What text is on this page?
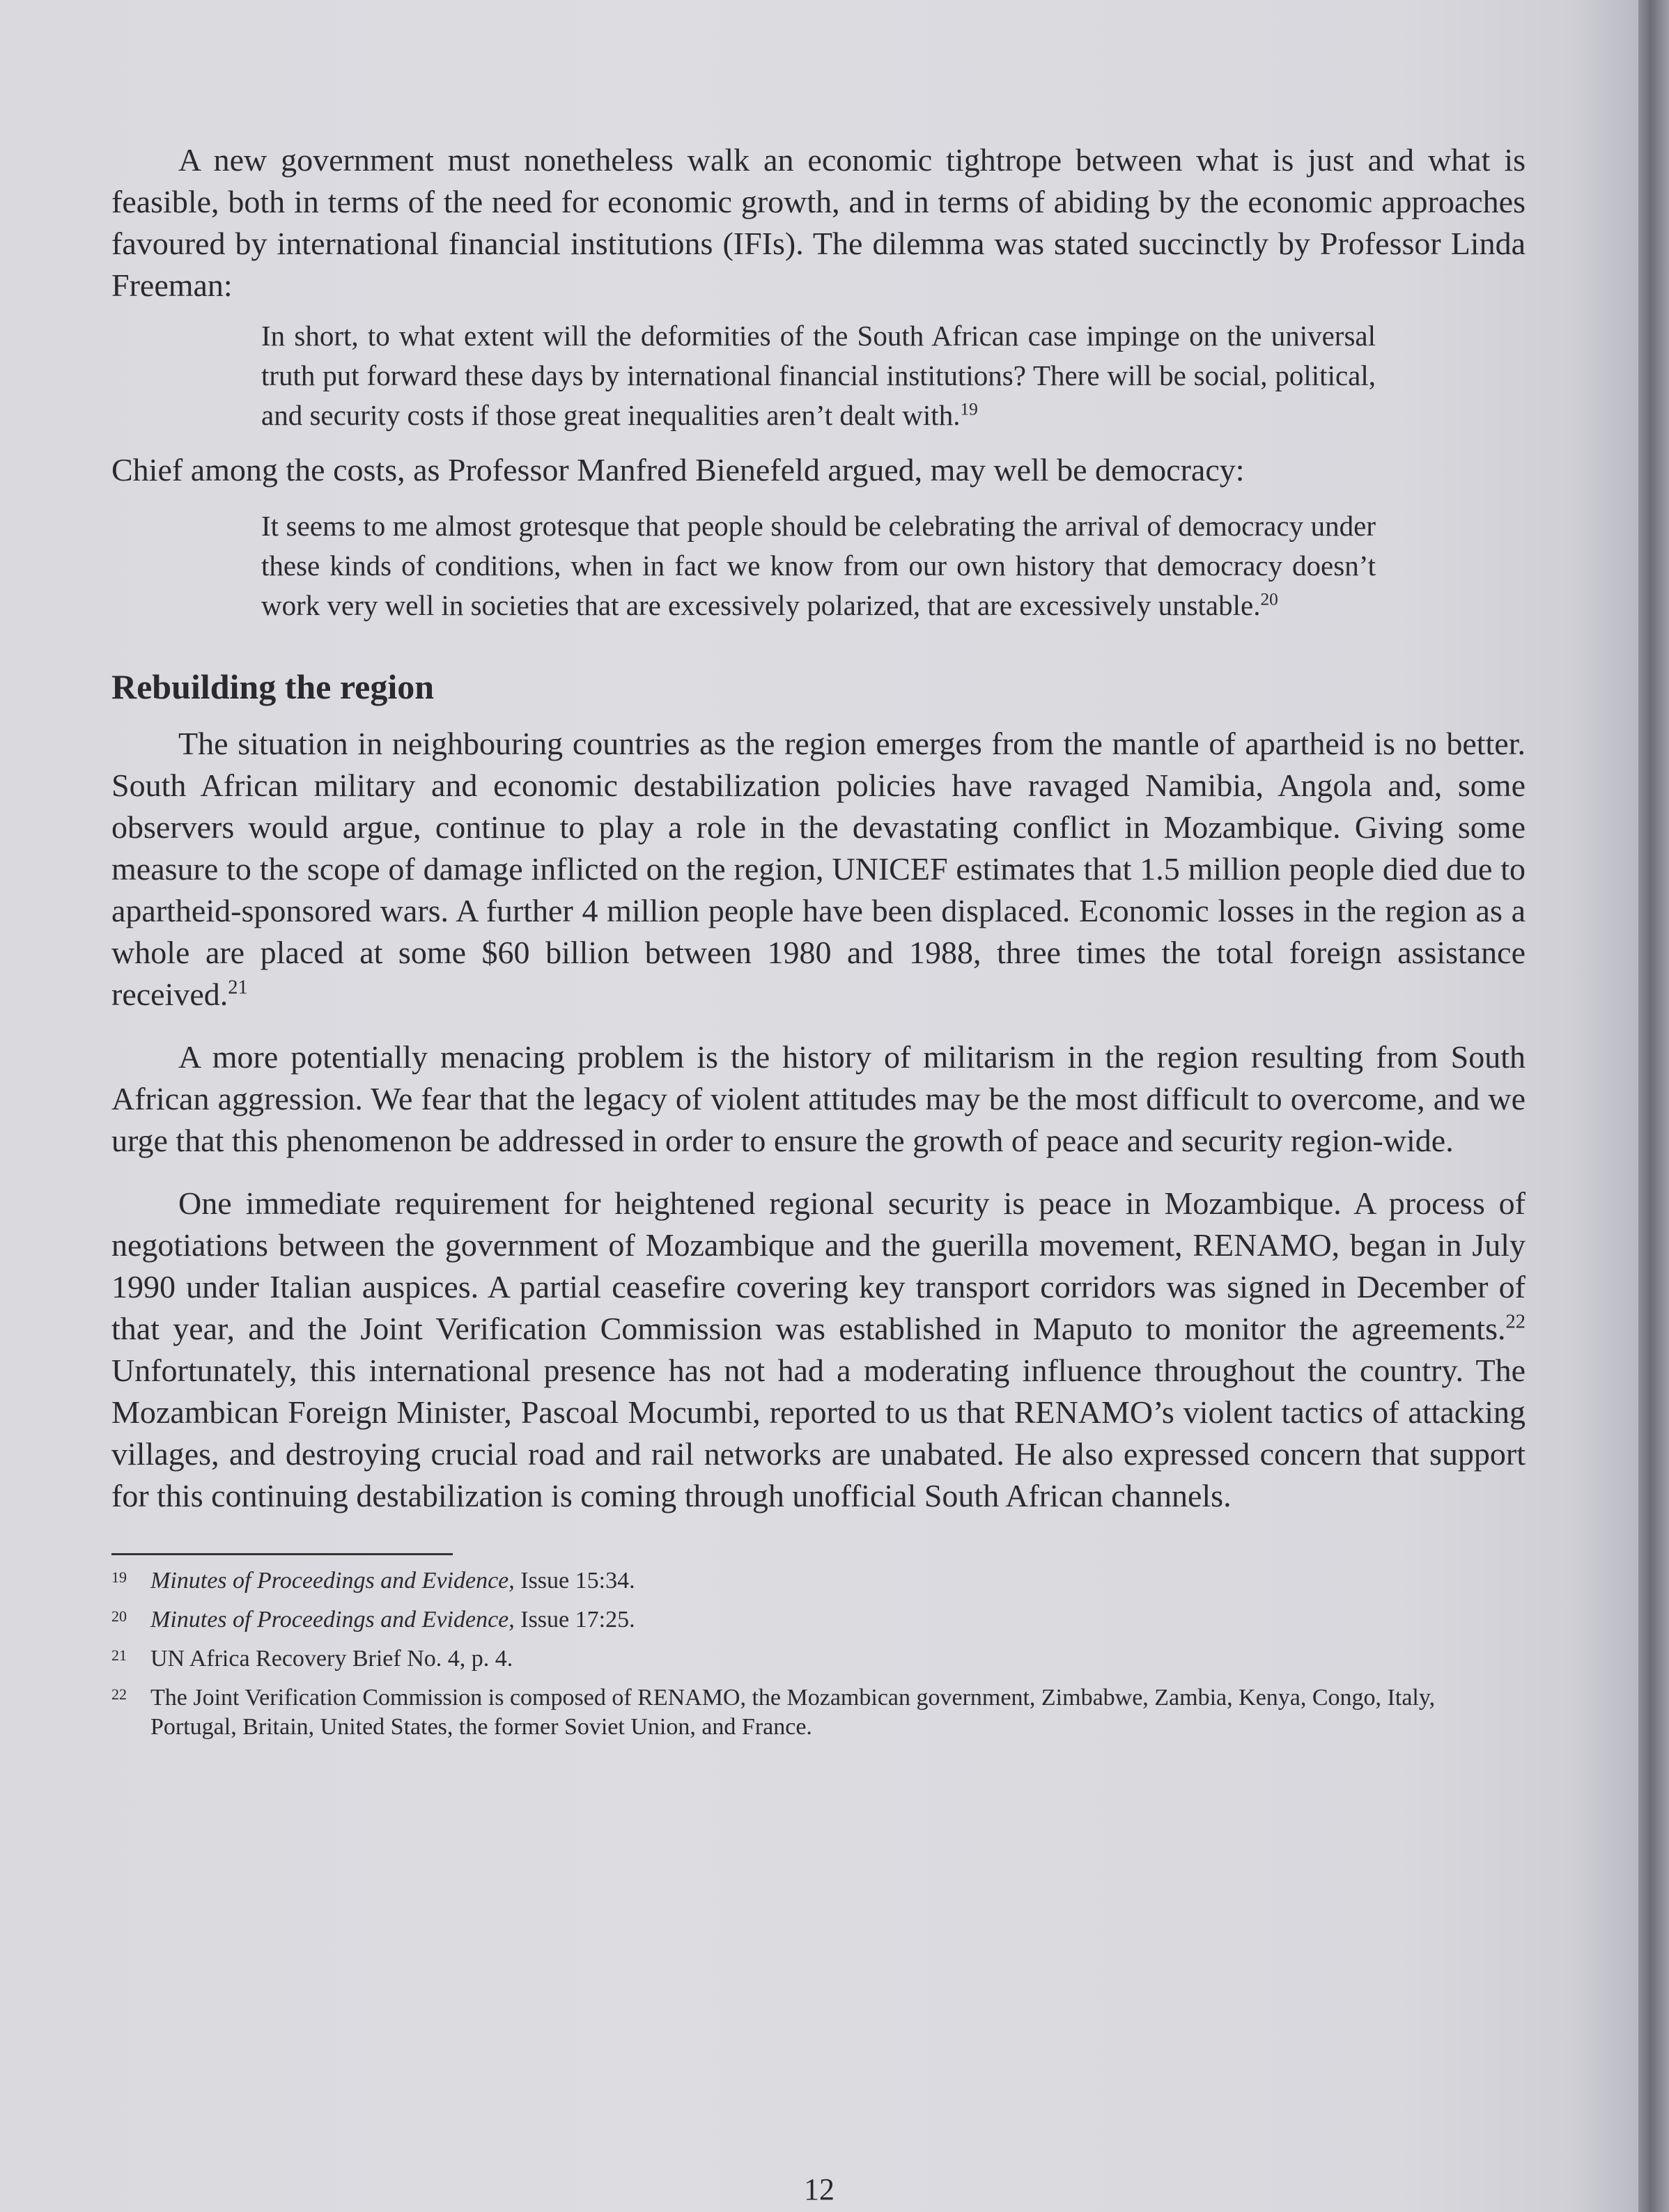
A new government must nonetheless walk an economic tightrope between what is just and what is feasible, both in terms of the need for economic growth, and in terms of abiding by the economic approaches favoured by international financial institutions (IFIs). The dilemma was stated succinctly by Professor Linda Freeman:

In short, to what extent will the deformities of the South African case impinge on the universal truth put forward these days by international financial institutions? There will be social, political, and security costs if those great inequalities aren’t dealt with.$^{19}$

Chief among the costs, as Professor Manfred Bienefeld argued, may well be democracy:

It seems to me almost grotesque that people should be celebrating the arrival of democracy under these kinds of conditions, when in fact we know from our own history that democracy doesn’t work very well in societies that are excessively polarized, that are excessively unstable.$^{20}$

Rebuilding the region

The situation in neighbouring countries as the region emerges from the mantle of apartheid is no better. South African military and economic destabilization policies have ravaged Namibia, Angola and, some observers would argue, continue to play a role in the devastating conflict in Mozambique. Giving some measure to the scope of damage inflicted on the region, UNICEF estimates that 1.5 million people died due to apartheid-sponsored wars. A further 4 million people have been displaced. Economic losses in the region as a whole are placed at some $60 billion between 1980 and 1988, three times the total foreign assistance received.$^{21}$

A more potentially menacing problem is the history of militarism in the region resulting from South African aggression. We fear that the legacy of violent attitudes may be the most difficult to overcome, and we urge that this phenomenon be addressed in order to ensure the growth of peace and security region-wide.

One immediate requirement for heightened regional security is peace in Mozambique. A process of negotiations between the government of Mozambique and the guerilla movement, RENAMO, began in July 1990 under Italian auspices. A partial ceasefire covering key transport corridors was signed in December of that year, and the Joint Verification Commission was established in Maputo to monitor the agreements.$^{22}$ Unfortunately, this international presence has not had a moderating influence throughout the country. The Mozambican Foreign Minister, Pascoal Mocumbi, reported to us that RENAMO’s violent tactics of attacking villages, and destroying crucial road and rail networks are unabated. He also expressed concern that support for this continuing destabilization is coming through unofficial South African channels.

19	Minutes of Proceedings and Evidence, Issue 15:34.
20	Minutes of Proceedings and Evidence, Issue 17:25.
21	UN Africa Recovery Brief No. 4, p. 4.
22	The Joint Verification Commission is composed of RENAMO, the Mozambican government, Zimbabwe, Zambia, Kenya, Congo, Italy, Portugal, Britain, United States, the former Soviet Union, and France.
12
